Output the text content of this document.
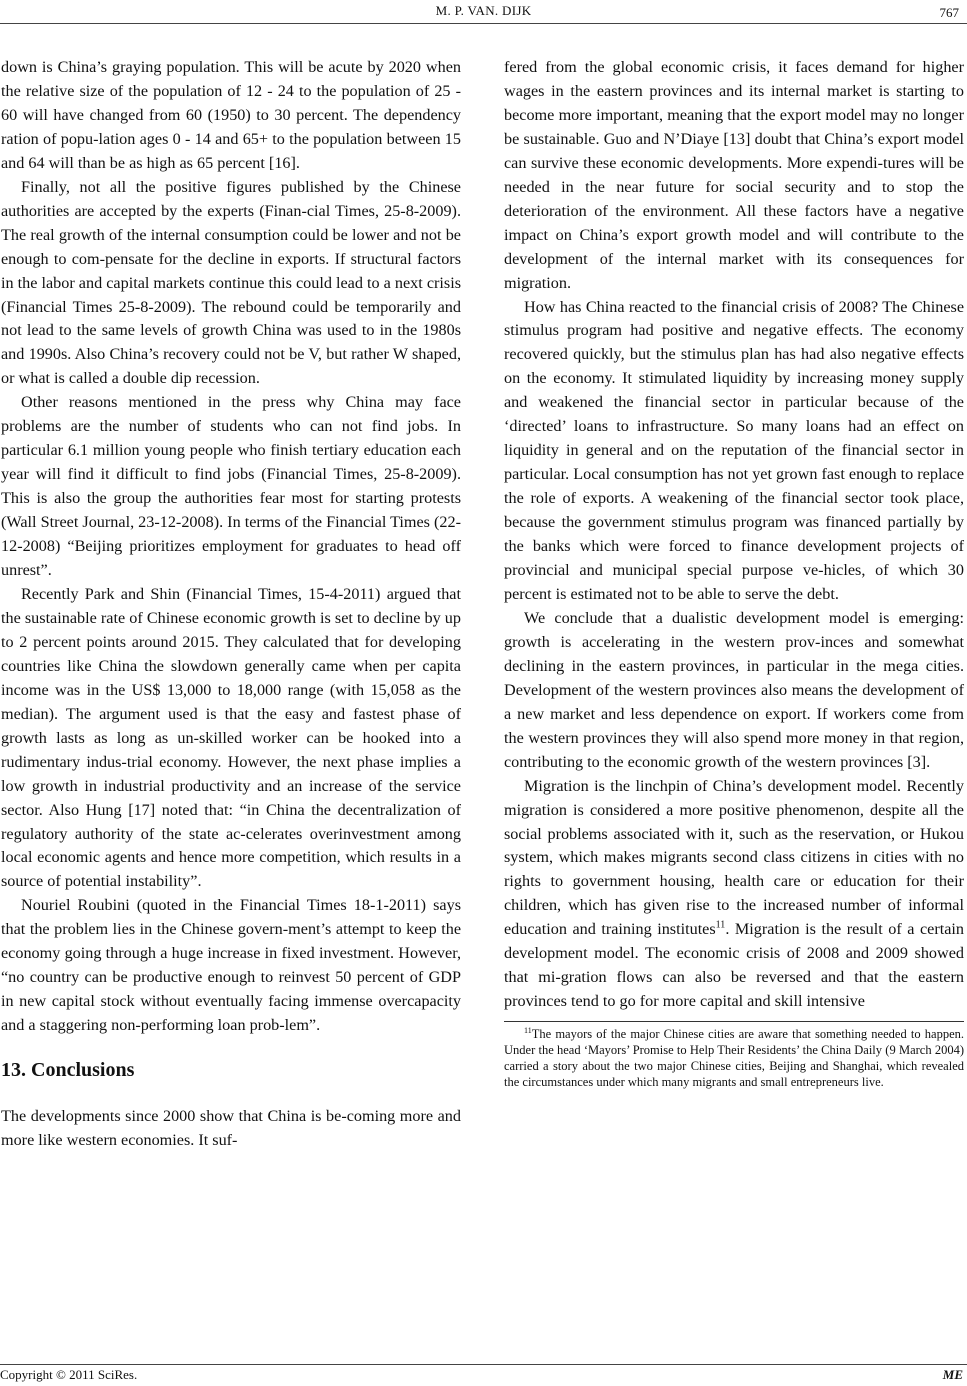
M. P. VAN. DIJK	767

down is China’s graying population. This will be acute by 2020 when the relative size of the population of 12 - 24 to the population of 25 - 60 will have changed from 60 (1950) to 30 percent. The dependency ration of popu-lation ages 0 - 14 and 65+ to the population between 15 and 64 will than be as high as 65 percent [16].

Finally, not all the positive figures published by the Chinese authorities are accepted by the experts (Finan-cial Times, 25-8-2009). The real growth of the internal consumption could be lower and not be enough to com-pensate for the decline in exports. If structural factors in the labor and capital markets continue this could lead to a next crisis (Financial Times 25-8-2009). The rebound could be temporarily and not lead to the same levels of growth China was used to in the 1980s and 1990s. Also China’s recovery could not be V, but rather W shaped, or what is called a double dip recession.

Other reasons mentioned in the press why China may face problems are the number of students who can not find jobs. In particular 6.1 million young people who finish tertiary education each year will find it difficult to find jobs (Financial Times, 25-8-2009). This is also the group the authorities fear most for starting protests (Wall Street Journal, 23-12-2008). In terms of the Financial Times (22-12-2008) “Beijing prioritizes employment for graduates to head off unrest”.

Recently Park and Shin (Financial Times, 15-4-2011) argued that the sustainable rate of Chinese economic growth is set to decline by up to 2 percent points around 2015. They calculated that for developing countries like China the slowdown generally came when per capita income was in the US$ 13,000 to 18,000 range (with 15,058 as the median). The argument used is that the easy and fastest phase of growth lasts as long as un-skilled worker can be hooked into a rudimentary indus-trial economy. However, the next phase implies a low growth in industrial productivity and an increase of the service sector. Also Hung [17] noted that: “in China the decentralization of regulatory authority of the state ac-celerates overinvestment among local economic agents and hence more competition, which results in a source of potential instability”.

Nouriel Roubini (quoted in the Financial Times 18-1-2011) says that the problem lies in the Chinese govern-ment’s attempt to keep the economy going through a huge increase in fixed investment. However, “no country can be productive enough to reinvest 50 percent of GDP in new capital stock without eventually facing immense overcapacity and a staggering non-performing loan prob-lem”.

13. Conclusions

The developments since 2000 show that China is be-coming more and more like western economies. It suf-

fered from the global economic crisis, it faces demand for higher wages in the eastern provinces and its internal market is starting to become more important, meaning that the export model may no longer be sustainable. Guo and N’Diaye [13] doubt that China’s export model can survive these economic developments. More expendi-tures will be needed in the near future for social security and to stop the deterioration of the environment. All these factors have a negative impact on China’s export growth model and will contribute to the development of the internal market with its consequences for migration.

How has China reacted to the financial crisis of 2008? The Chinese stimulus program had positive and negative effects. The economy recovered quickly, but the stimulus plan has had also negative effects on the economy. It stimulated liquidity by increasing money supply and weakened the financial sector in particular because of the ‘directed’ loans to infrastructure. So many loans had an effect on liquidity in general and on the reputation of the financial sector in particular. Local consumption has not yet grown fast enough to replace the role of exports. A weakening of the financial sector took place, because the government stimulus program was financed partially by the banks which were forced to finance development projects of provincial and municipal special purpose ve-hicles, of which 30 percent is estimated not to be able to serve the debt.

We conclude that a dualistic development model is emerging: growth is accelerating in the western prov-inces and somewhat declining in the eastern provinces, in particular in the mega cities. Development of the western provinces also means the development of a new market and less dependence on export. If workers come from the western provinces they will also spend more money in that region, contributing to the economic growth of the western provinces [3].

Migration is the linchpin of China’s development model. Recently migration is considered a more positive phenomenon, despite all the social problems associated with it, such as the reservation, or Hukou system, which makes migrants second class citizens in cities with no rights to government housing, health care or education for their children, which has given rise to the increased number of informal education and training institutes$^{11}$. Migration is the result of a certain development model. The economic crisis of 2008 and 2009 showed that mi-gration flows can also be reversed and that the eastern provinces tend to go for more capital and skill intensive

$^{11}$The mayors of the major Chinese cities are aware that something needed to happen. Under the head ‘Mayors’ Promise to Help Their Residents’ the China Daily (9 March 2004) carried a story about the two major Chinese cities, Beijing and Shanghai, which revealed the circumstances under which many migrants and small entrepreneurs live.

Copyright © 2011 SciRes.	ME
